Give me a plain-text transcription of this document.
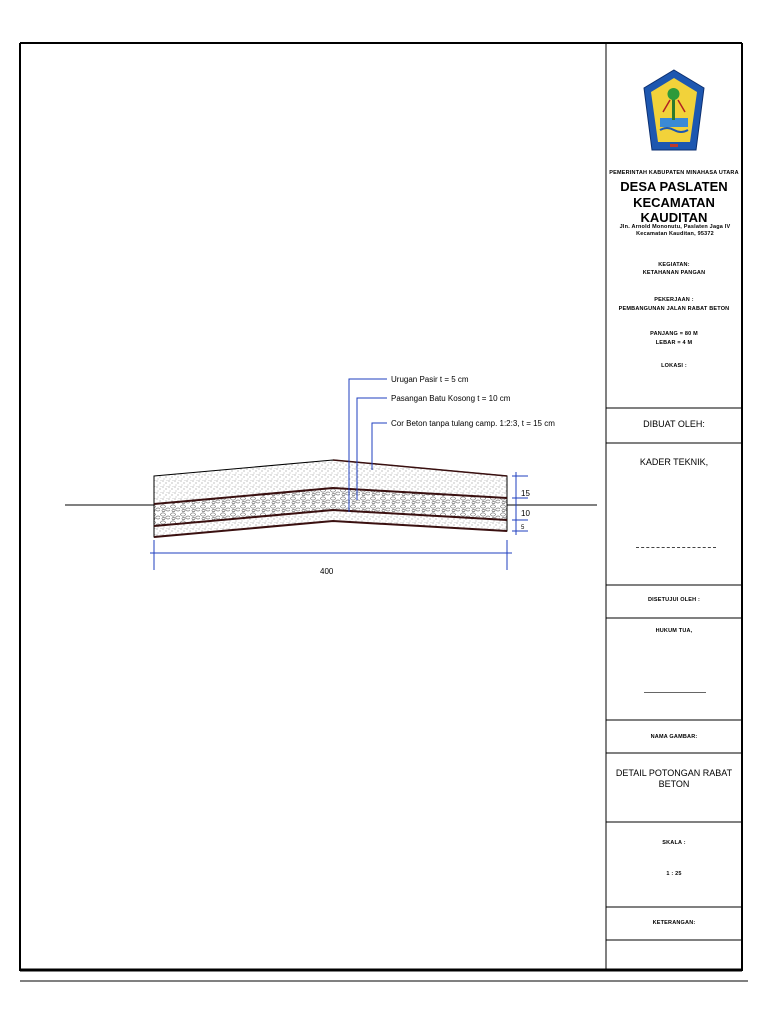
Urugan Pasir t = 5 cm
Pasangan Batu Kosong t = 10 cm
Cor Beton tanpa tulang camp. 1:2:3, t = 15 cm
400
15
10
5
PEMERINTAH KABUPATEN MINAHASA UTARA
DESA PASLATEN
KECAMATAN KAUDITAN
Jln. Arnold Mononutu, Paslaten Jaga IV Kecamatan Kauditan, 95372
KEGIATAN:
KETAHANAN PANGAN
PEKERJAAN :
PEMBANGUNAN JALAN RABAT BETON
PANJANG = 80 M
LEBAR = 4 M
LOKASI :
DIBUAT OLEH:
KADER TEKNIK,
DISETUJUI OLEH :
HUKUM TUA,
NAMA GAMBAR:
DETAIL POTONGAN RABAT BETON
SKALA :
1 : 25
KETERANGAN:
